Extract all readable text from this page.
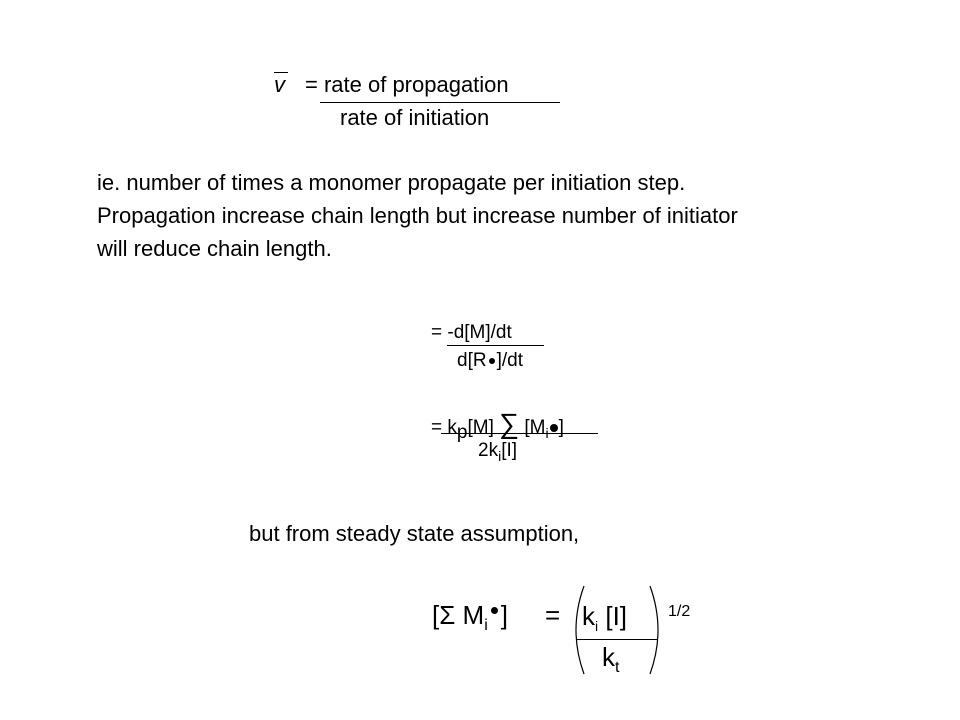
v = rate of propagation
rate of initiation
ie. number of times a monomer propagate per initiation step.
Propagation increase chain length but increase number of initiator
will reduce chain length.
= -d[M]/dt
d[R ]/dt
= $k_p[M]$ ∑ [$M_i$ ]
$2k_i[I]$
but from steady state assumption,
[Σ $M_i$ ] = $k_i$ [I]
$k_t$
1/2
